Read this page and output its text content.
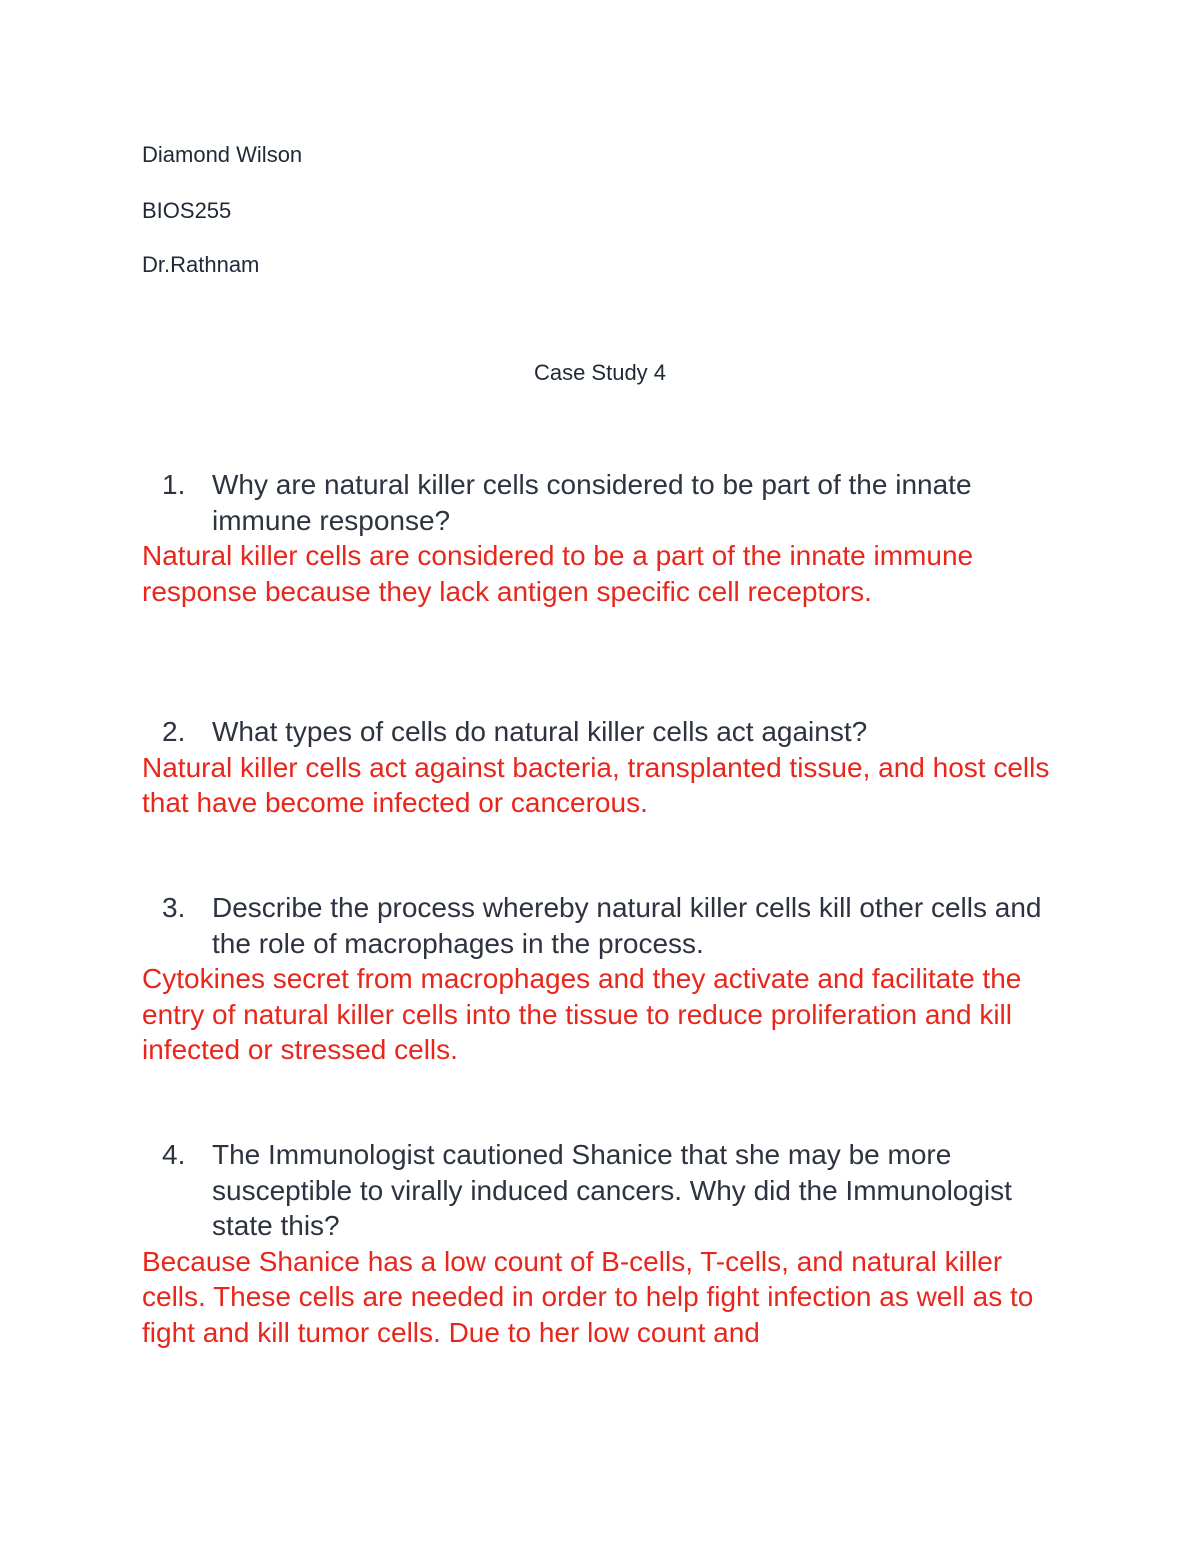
Diamond Wilson
BIOS255
Dr.Rathnam
Case Study 4
1. Why are natural killer cells considered to be part of the innate immune response?
Natural killer cells are considered to be a part of the innate immune response because they lack antigen specific cell receptors.
2. What types of cells do natural killer cells act against?
Natural killer cells act against bacteria, transplanted tissue, and host cells that have become infected or cancerous.
3. Describe the process whereby natural killer cells kill other cells and the role of macrophages in the process.
Cytokines secret from macrophages and they activate and facilitate the entry of natural killer cells into the tissue to reduce proliferation and kill infected or stressed cells.
4. The Immunologist cautioned Shanice that she may be more susceptible to virally induced cancers. Why did the Immunologist state this?
Because Shanice has a low count of B-cells, T-cells, and natural killer cells. These cells are needed in order to help fight infection as well as to fight and kill tumor cells. Due to her low count and
